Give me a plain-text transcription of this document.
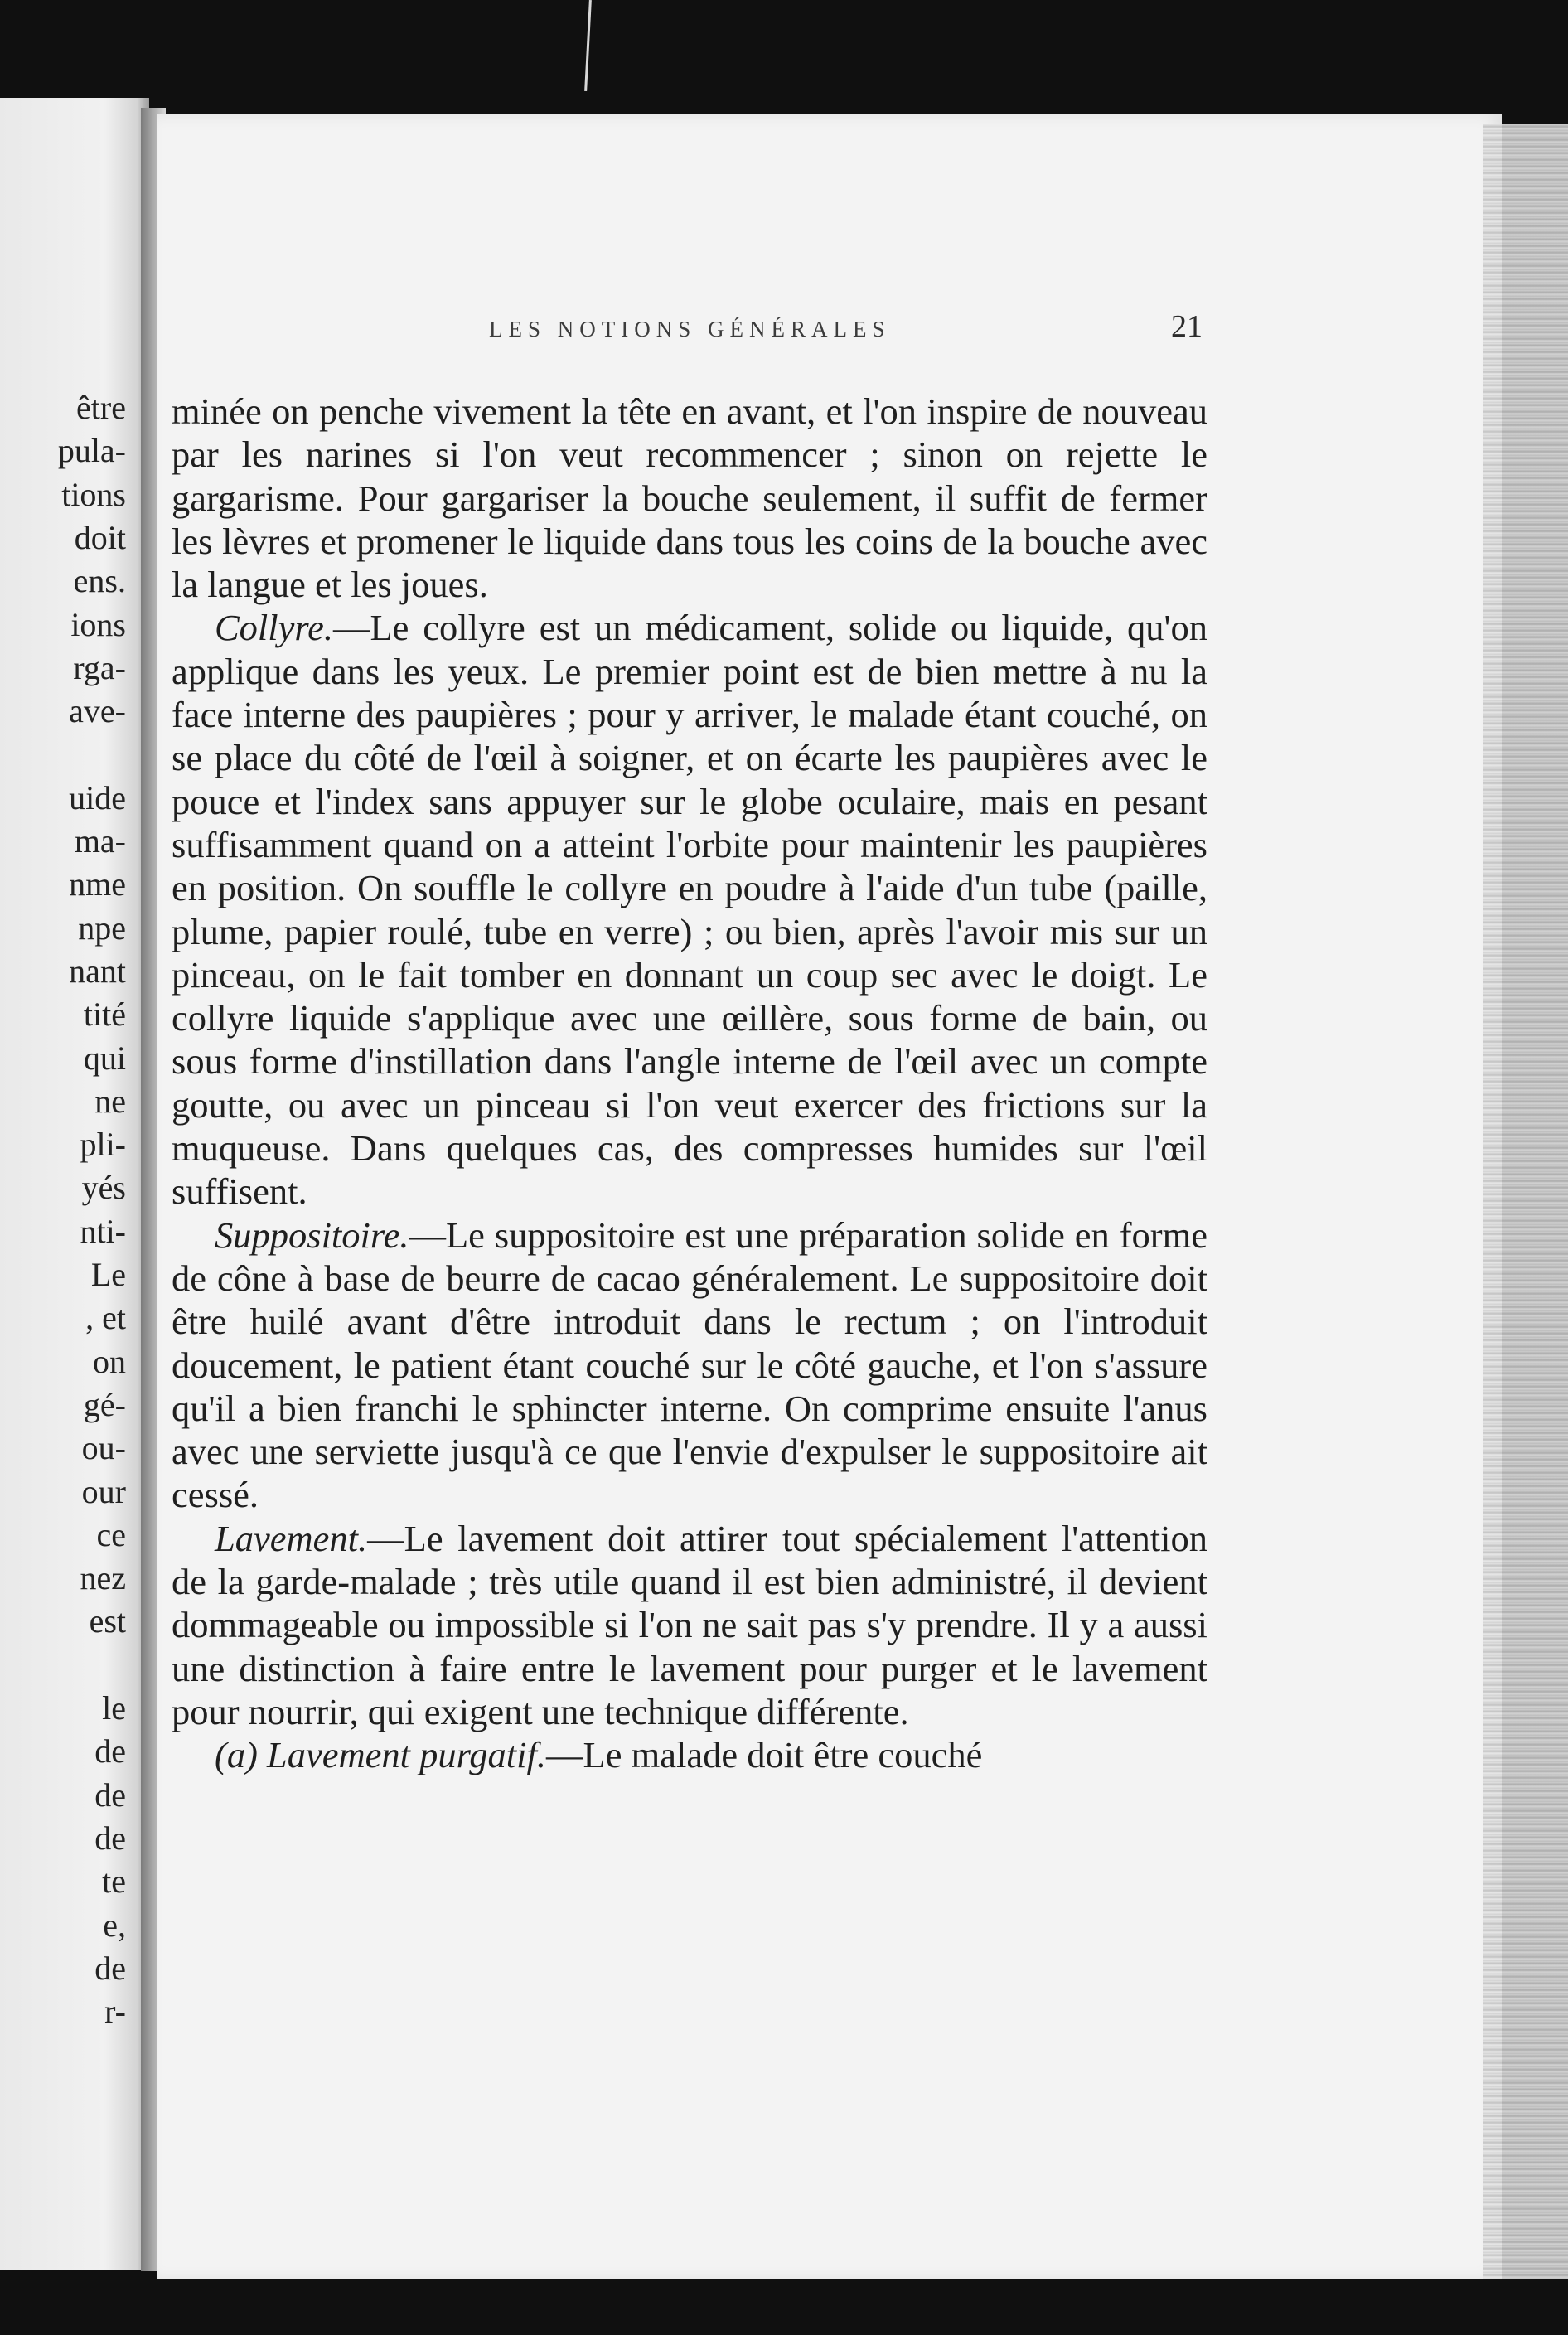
être
pula-
tions
doit
ens.
ions
rga-
ave-
uide
ma-
nme
npe
nant
tité
qui
ne
pli-
yés
nti-
Le
, et
on
gé-
ou-
our
ce
nez
est
le
de
de
de
te
e,
de
r-
LES NOTIONS GÉNÉRALES	21

minée on penche vivement la tête en avant, et l'on inspire de nouveau par les narines si l'on veut recommencer ; sinon on rejette le gargarisme. Pour gargariser la bouche seulement, il suffit de fermer les lèvres et promener le liquide dans tous les coins de la bouche avec la langue et les joues.

Collyre.—Le collyre est un médicament, solide ou liquide, qu'on applique dans les yeux. Le premier point est de bien mettre à nu la face interne des paupières ; pour y arriver, le malade étant couché, on se place du côté de l'œil à soigner, et on écarte les paupières avec le pouce et l'index sans appuyer sur le globe oculaire, mais en pesant suffisamment quand on a atteint l'orbite pour maintenir les paupières en position. On souffle le collyre en poudre à l'aide d'un tube (paille, plume, papier roulé, tube en verre) ; ou bien, après l'avoir mis sur un pinceau, on le fait tomber en donnant un coup sec avec le doigt. Le collyre liquide s'applique avec une œillère, sous forme de bain, ou sous forme d'instillation dans l'angle interne de l'œil avec un compte goutte, ou avec un pinceau si l'on veut exercer des frictions sur la muqueuse. Dans quelques cas, des compresses humides sur l'œil suffisent.

Suppositoire.—Le suppositoire est une préparation solide en forme de cône à base de beurre de cacao généralement. Le suppositoire doit être huilé avant d'être introduit dans le rectum ; on l'introduit doucement, le patient étant couché sur le côté gauche, et l'on s'assure qu'il a bien franchi le sphincter interne. On comprime ensuite l'anus avec une serviette jusqu'à ce que l'envie d'expulser le suppositoire ait cessé.

Lavement.—Le lavement doit attirer tout spécialement l'attention de la garde-malade ; très utile quand il est bien administré, il devient dommageable ou impossible si l'on ne sait pas s'y prendre. Il y a aussi une distinction à faire entre le lavement pour purger et le lavement pour nourrir, qui exigent une technique différente.

(a) Lavement purgatif.—Le malade doit être couché
